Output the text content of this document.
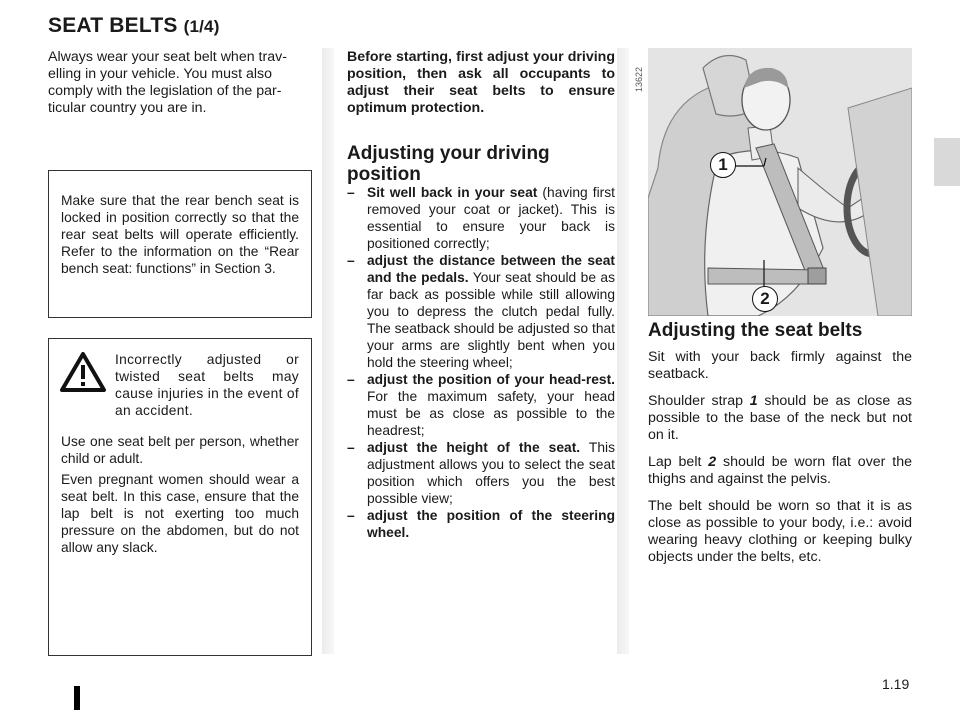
SEAT BELTS (1/4)
Always wear your seat belt when trav-
elling in your vehicle. You must also
comply with the legislation of the par-
ticular country you are in.

Make sure that the rear bench seat is locked in position correctly so that the rear seat belts will operate efficiently. Refer to the information on the “Rear bench seat: functions” in Section 3.

Incorrectly adjusted or twisted seat belts may cause injuries in the event of an accident.

Use one seat belt per person, whether child or adult.

Even pregnant women should wear a seat belt. In this case, ensure that the lap belt is not exerting too much pressure on the abdomen, but do not allow any slack.

Before starting, first adjust your driving position, then ask all occupants to adjust their seat belts to ensure optimum protection.
Adjusting your driving position
– Sit well back in your seat (having first removed your coat or jacket). This is essential to ensure your back is positioned correctly;
– adjust the distance between the seat and the pedals. Your seat should be as far back as possible while still allowing you to depress the clutch pedal fully. The seatback should be adjusted so that your arms are slightly bent when you hold the steering wheel;
– adjust the position of your head-rest. For the maximum safety, your head must be as close as possible to the headrest;
– adjust the height of the seat. This adjustment allows you to select the seat position which offers you the best possible view;
– adjust the position of the steering wheel.
13622
1
2
Adjusting the seat belts

Sit with your back firmly against the seatback.

Shoulder strap 1 should be as close as possible to the base of the neck but not on it.

Lap belt 2 should be worn flat over the thighs and against the pelvis.

The belt should be worn so that it is as close as possible to your body, i.e.: avoid wearing heavy clothing or keeping bulky objects under the belts, etc.

1.19
